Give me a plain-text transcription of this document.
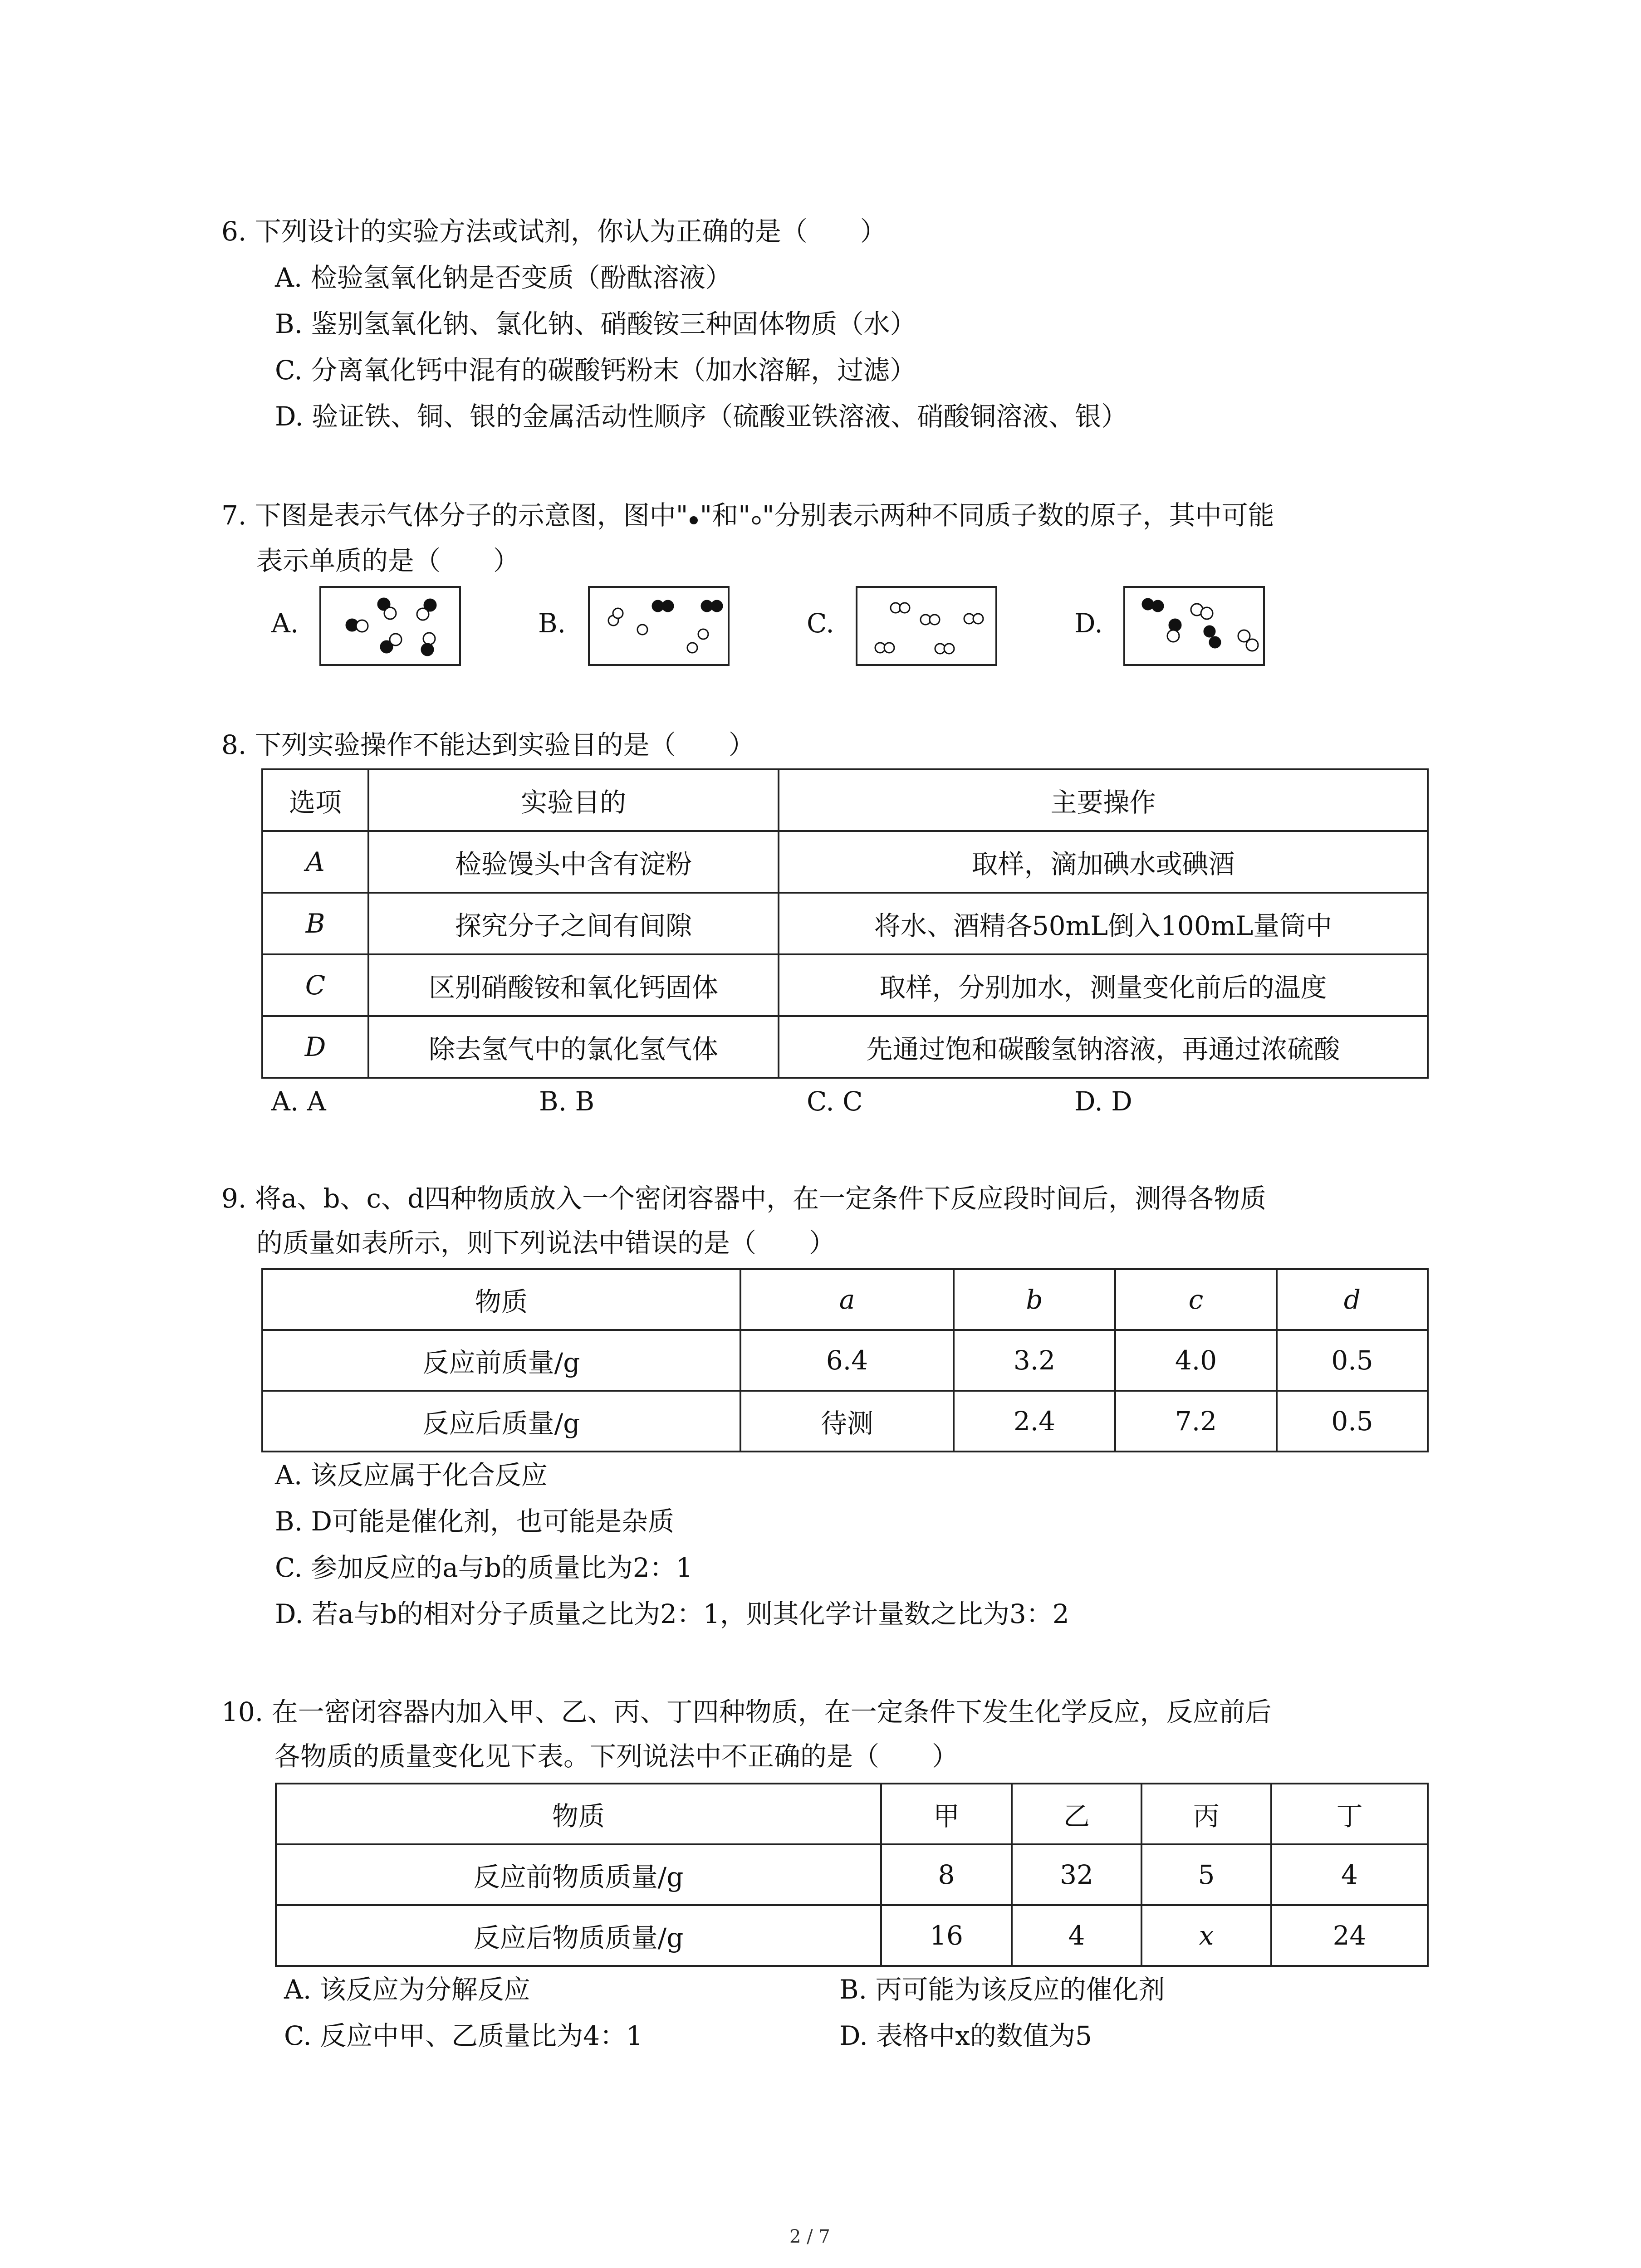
6. 下列设计的实验方法或试剂，你认为正确的是（　　）
A. 检验氢氧化钠是否变质（酚酞溶液）
B. 鉴别氢氧化钠、氯化钠、硝酸铵三种固体物质（水）
C. 分离氧化钙中混有的碳酸钙粉末（加水溶解，过滤）
D. 验证铁、铜、银的金属活动性顺序（硫酸亚铁溶液、硝酸铜溶液、银）
7. 下图是表示气体分子的示意图，图中" "和" "分别表示两种不同质子数的原子，其中可能
表示单质的是（　　）
A.	B.	C.	D.
8. 下列实验操作不能达到实验目的是（　　）
选项	实验目的	主要操作
A	检验馒头中含有淀粉	取样，滴加碘水或碘酒
B	探究分子之间有间隙	将水、酒精各50mL倒入100mL量筒中
C	区别硝酸铵和氧化钙固体	取样，分别加水，测量变化前后的温度
D	除去氢气中的氯化氢气体	先通过饱和碳酸氢钠溶液，再通过浓硫酸
A. A	B. B	C. C	D. D
9. 将a、b、c、d四种物质放入一个密闭容器中，在一定条件下反应段时间后，测得各物质
的质量如表所示，则下列说法中错误的是（　　）
物质	a	b	c	d
反应前质量/g	6.4	3.2	4.0	0.5
反应后质量/g	待测	2.4	7.2	0.5
A. 该反应属于化合反应
B. D可能是催化剂，也可能是杂质
C. 参加反应的a与b的质量比为2：1
D. 若a与b的相对分子质量之比为2：1，则其化学计量数之比为3：2
10. 在一密闭容器内加入甲、乙、丙、丁四种物质，在一定条件下发生化学反应，反应前后
各物质的质量变化见下表。下列说法中不正确的是（　　）
物质	甲	乙	丙	丁
反应前物质质量/g	8	32	5	4
反应后物质质量/g	16	4	x	24
A. 该反应为分解反应	B. 丙可能为该反应的催化剂
C. 反应中甲、乙质量比为4：1	D. 表格中x的数值为5
2 / 7
